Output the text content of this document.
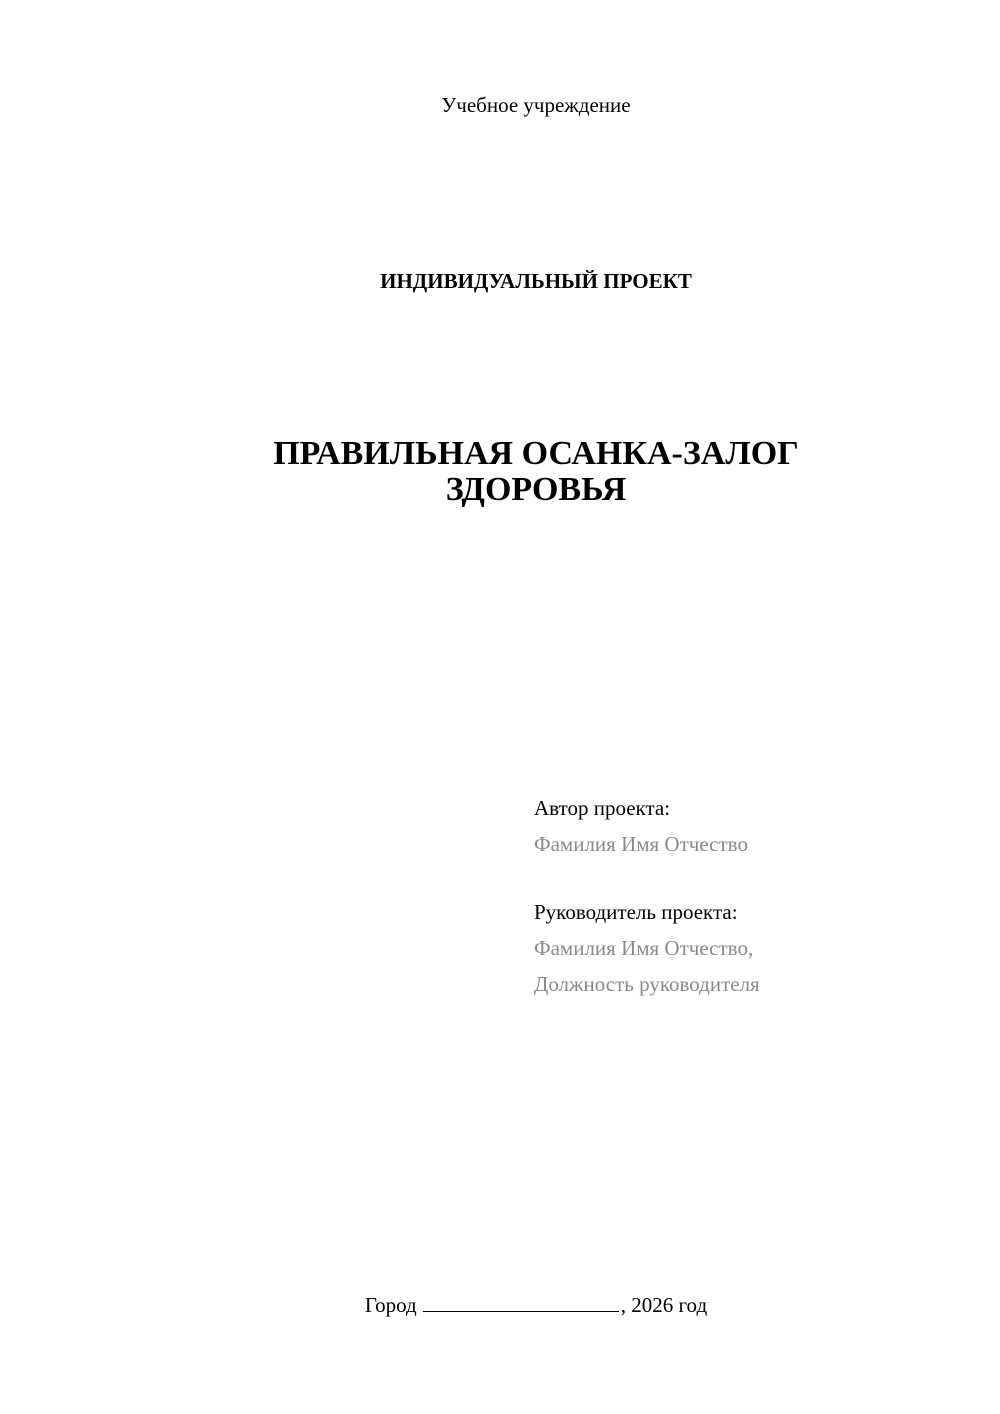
Учебное учреждение
ИНДИВИДУАЛЬНЫЙ ПРОЕКТ
ПРАВИЛЬНАЯ ОСАНКА-ЗАЛОГ
ЗДОРОВЬЯ
Автор проекта:
Фамилия Имя Отчество
Руководитель проекта:
Фамилия Имя Отчество,
Должность руководителя
Город	, 2026 год
